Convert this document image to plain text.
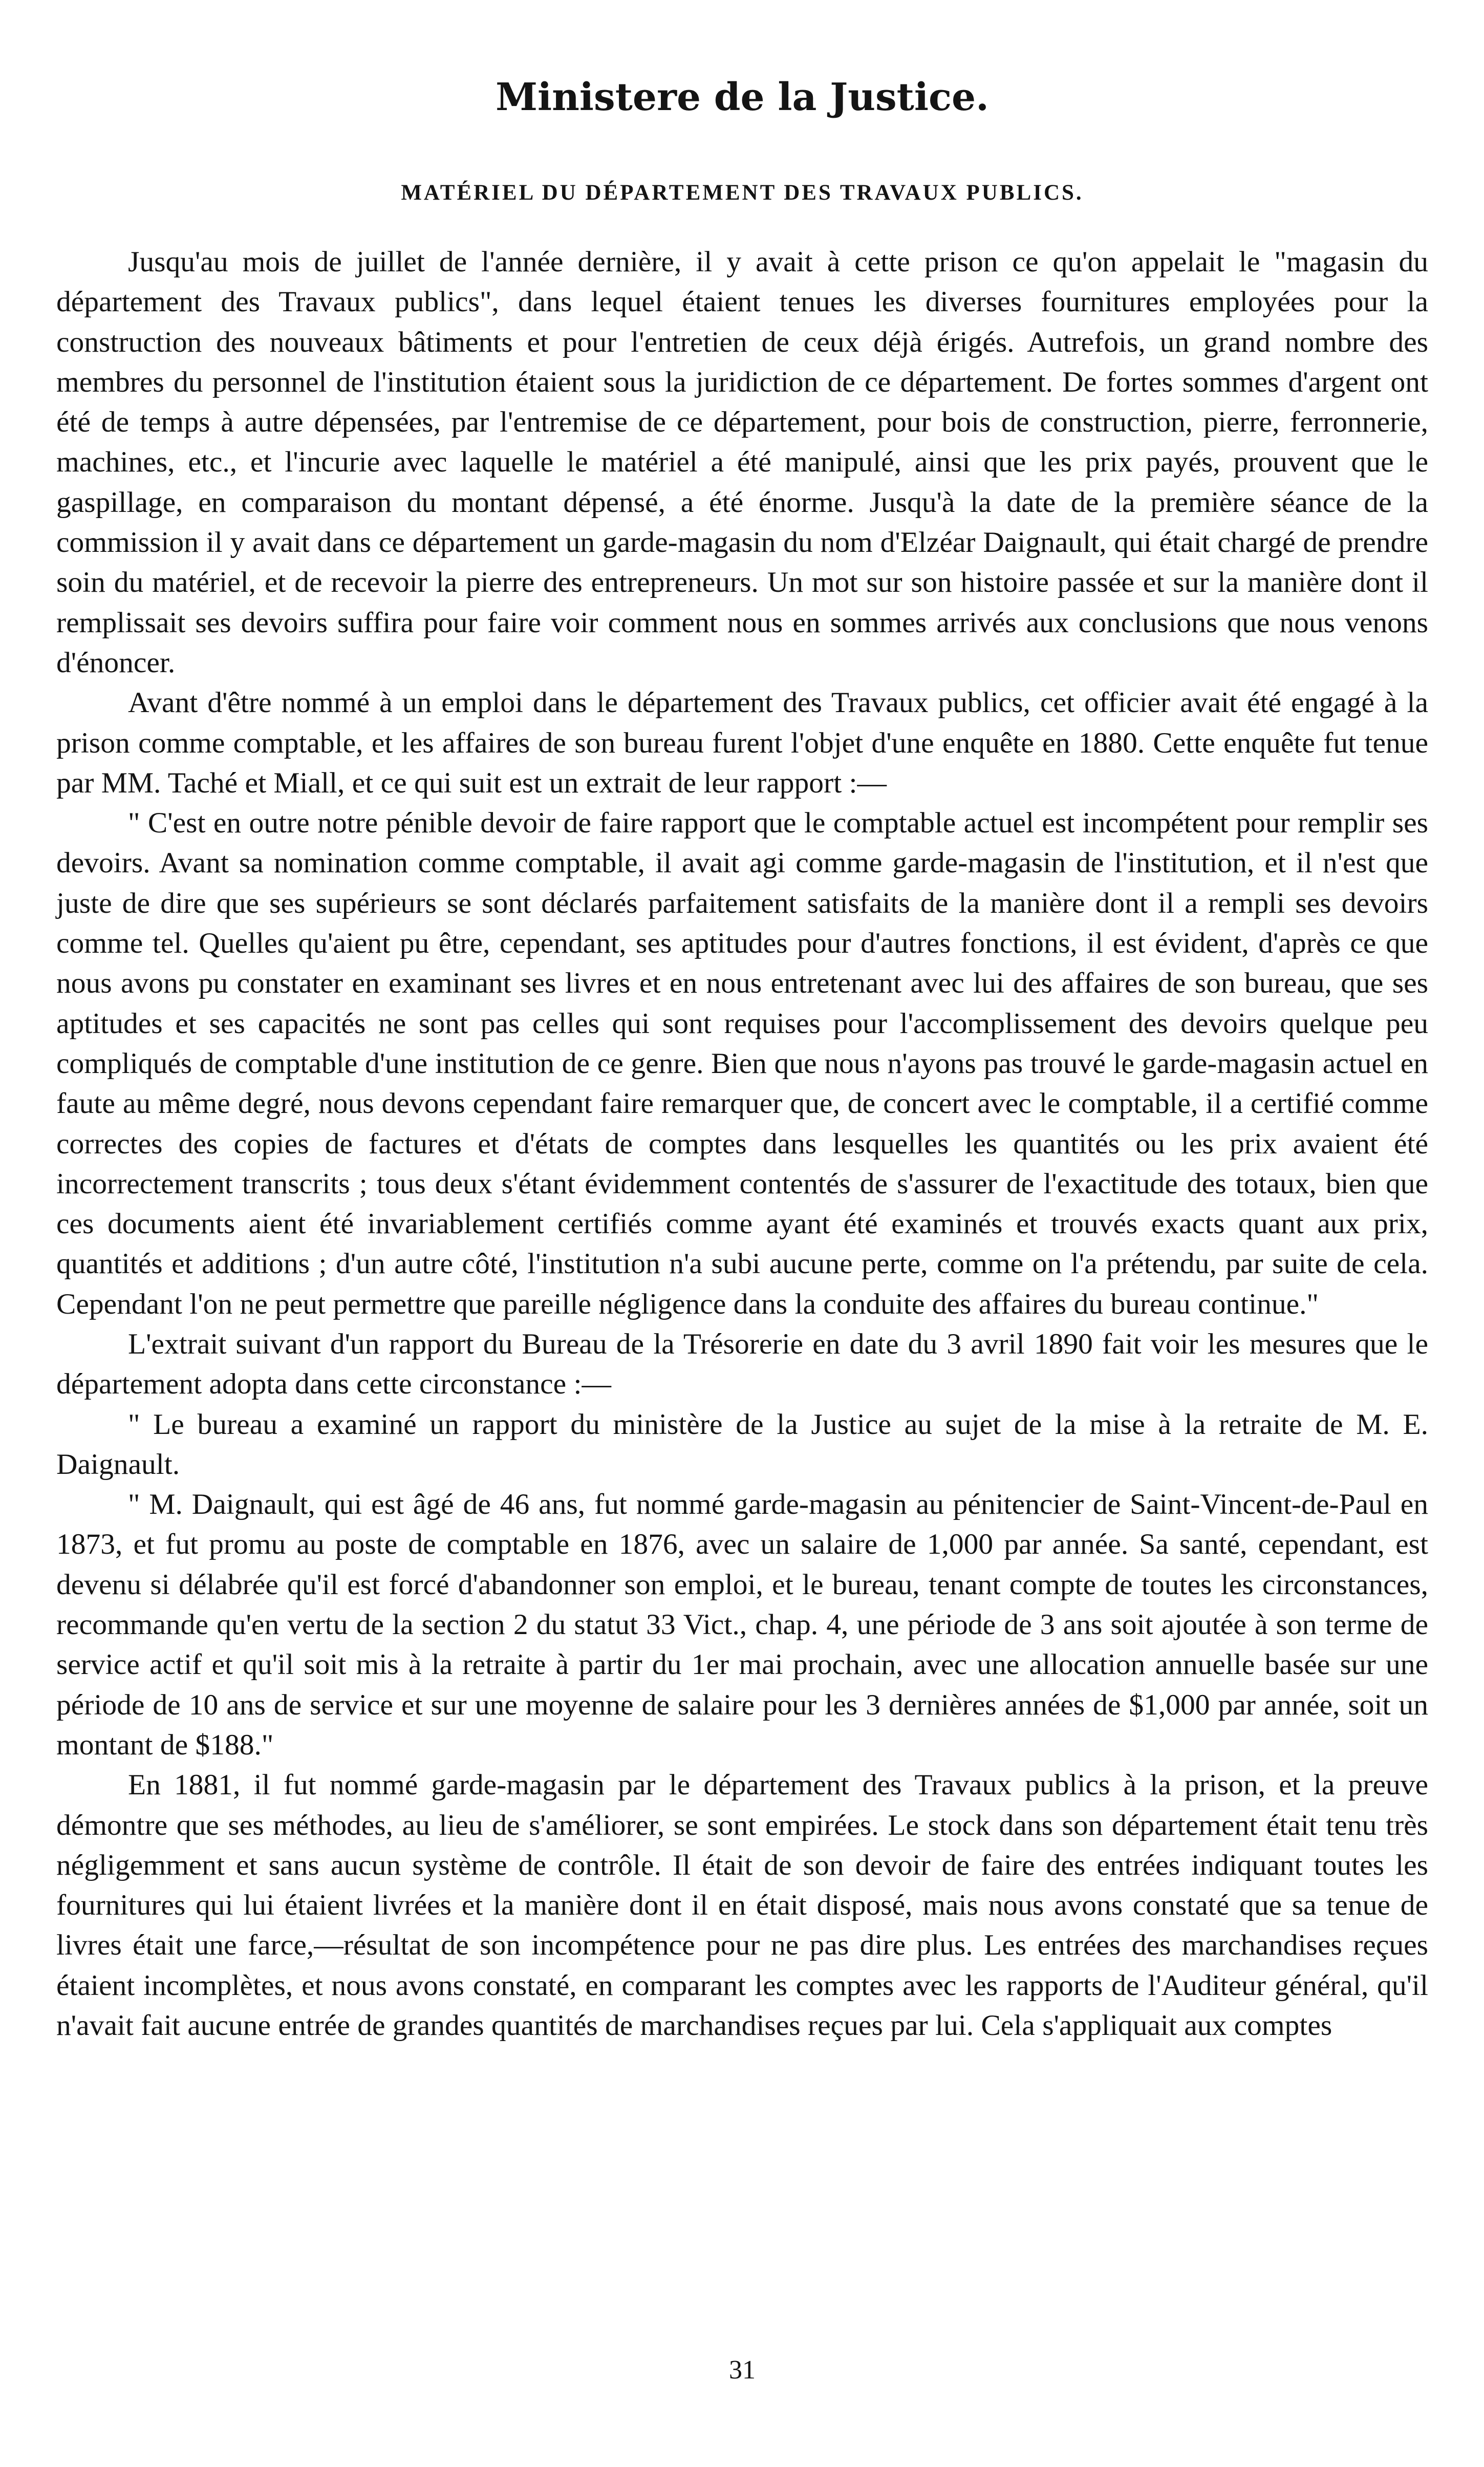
Ministere de la Justice.
MATÉRIEL DU DÉPARTEMENT DES TRAVAUX PUBLICS.

Jusqu'au mois de juillet de l'année dernière, il y avait à cette prison ce qu'on appelait le "magasin du département des Travaux publics", dans lequel étaient tenues les diverses fournitures employées pour la construction des nouveaux bâtiments et pour l'entretien de ceux déjà érigés. Autrefois, un grand nombre des membres du personnel de l'institution étaient sous la juridiction de ce département. De fortes sommes d'argent ont été de temps à autre dépensées, par l'entremise de ce département, pour bois de construction, pierre, ferronnerie, machines, etc., et l'incurie avec laquelle le matériel a été manipulé, ainsi que les prix payés, prouvent que le gaspillage, en comparaison du montant dépensé, a été énorme. Jusqu'à la date de la première séance de la commission il y avait dans ce département un garde-magasin du nom d'Elzéar Daignault, qui était chargé de prendre soin du matériel, et de recevoir la pierre des entrepreneurs. Un mot sur son histoire passée et sur la manière dont il remplissait ses devoirs suffira pour faire voir comment nous en sommes arrivés aux conclusions que nous venons d'énoncer.

Avant d'être nommé à un emploi dans le département des Travaux publics, cet officier avait été engagé à la prison comme comptable, et les affaires de son bureau furent l'objet d'une enquête en 1880. Cette enquête fut tenue par MM. Taché et Miall, et ce qui suit est un extrait de leur rapport :—

" C'est en outre notre pénible devoir de faire rapport que le comptable actuel est incompétent pour remplir ses devoirs. Avant sa nomination comme comptable, il avait agi comme garde-magasin de l'institution, et il n'est que juste de dire que ses supérieurs se sont déclarés parfaitement satisfaits de la manière dont il a rempli ses devoirs comme tel. Quelles qu'aient pu être, cependant, ses aptitudes pour d'autres fonctions, il est évident, d'après ce que nous avons pu constater en examinant ses livres et en nous entretenant avec lui des affaires de son bureau, que ses aptitudes et ses capacités ne sont pas celles qui sont requises pour l'accomplissement des devoirs quelque peu compliqués de comptable d'une institution de ce genre. Bien que nous n'ayons pas trouvé le garde-magasin actuel en faute au même degré, nous devons cependant faire remarquer que, de concert avec le comptable, il a certifié comme correctes des copies de factures et d'états de comptes dans lesquelles les quantités ou les prix avaient été incorrectement transcrits ; tous deux s'étant évidemment contentés de s'assurer de l'exactitude des totaux, bien que ces documents aient été invariablement certifiés comme ayant été examinés et trouvés exacts quant aux prix, quantités et additions ; d'un autre côté, l'institution n'a subi aucune perte, comme on l'a prétendu, par suite de cela. Cependant l'on ne peut permettre que pareille négligence dans la conduite des affaires du bureau continue."

L'extrait suivant d'un rapport du Bureau de la Trésorerie en date du 3 avril 1890 fait voir les mesures que le département adopta dans cette circonstance :—

" Le bureau a examiné un rapport du ministère de la Justice au sujet de la mise à la retraite de M. E. Daignault.

" M. Daignault, qui est âgé de 46 ans, fut nommé garde-magasin au pénitencier de Saint-Vincent-de-Paul en 1873, et fut promu au poste de comptable en 1876, avec un salaire de 1,000 par année. Sa santé, cependant, est devenu si délabrée qu'il est forcé d'abandonner son emploi, et le bureau, tenant compte de toutes les circonstances, recommande qu'en vertu de la section 2 du statut 33 Vict., chap. 4, une période de 3 ans soit ajoutée à son terme de service actif et qu'il soit mis à la retraite à partir du 1er mai prochain, avec une allocation annuelle basée sur une période de 10 ans de service et sur une moyenne de salaire pour les 3 dernières années de $1,000 par année, soit un montant de $188."

En 1881, il fut nommé garde-magasin par le département des Travaux publics à la prison, et la preuve démontre que ses méthodes, au lieu de s'améliorer, se sont empirées. Le stock dans son département était tenu très négligemment et sans aucun système de contrôle. Il était de son devoir de faire des entrées indiquant toutes les fournitures qui lui étaient livrées et la manière dont il en était disposé, mais nous avons constaté que sa tenue de livres était une farce,—résultat de son incompétence pour ne pas dire plus. Les entrées des marchandises reçues étaient incomplètes, et nous avons constaté, en comparant les comptes avec les rapports de l'Auditeur général, qu'il n'avait fait aucune entrée de grandes quantités de marchandises reçues par lui. Cela s'appliquait aux comptes

31
